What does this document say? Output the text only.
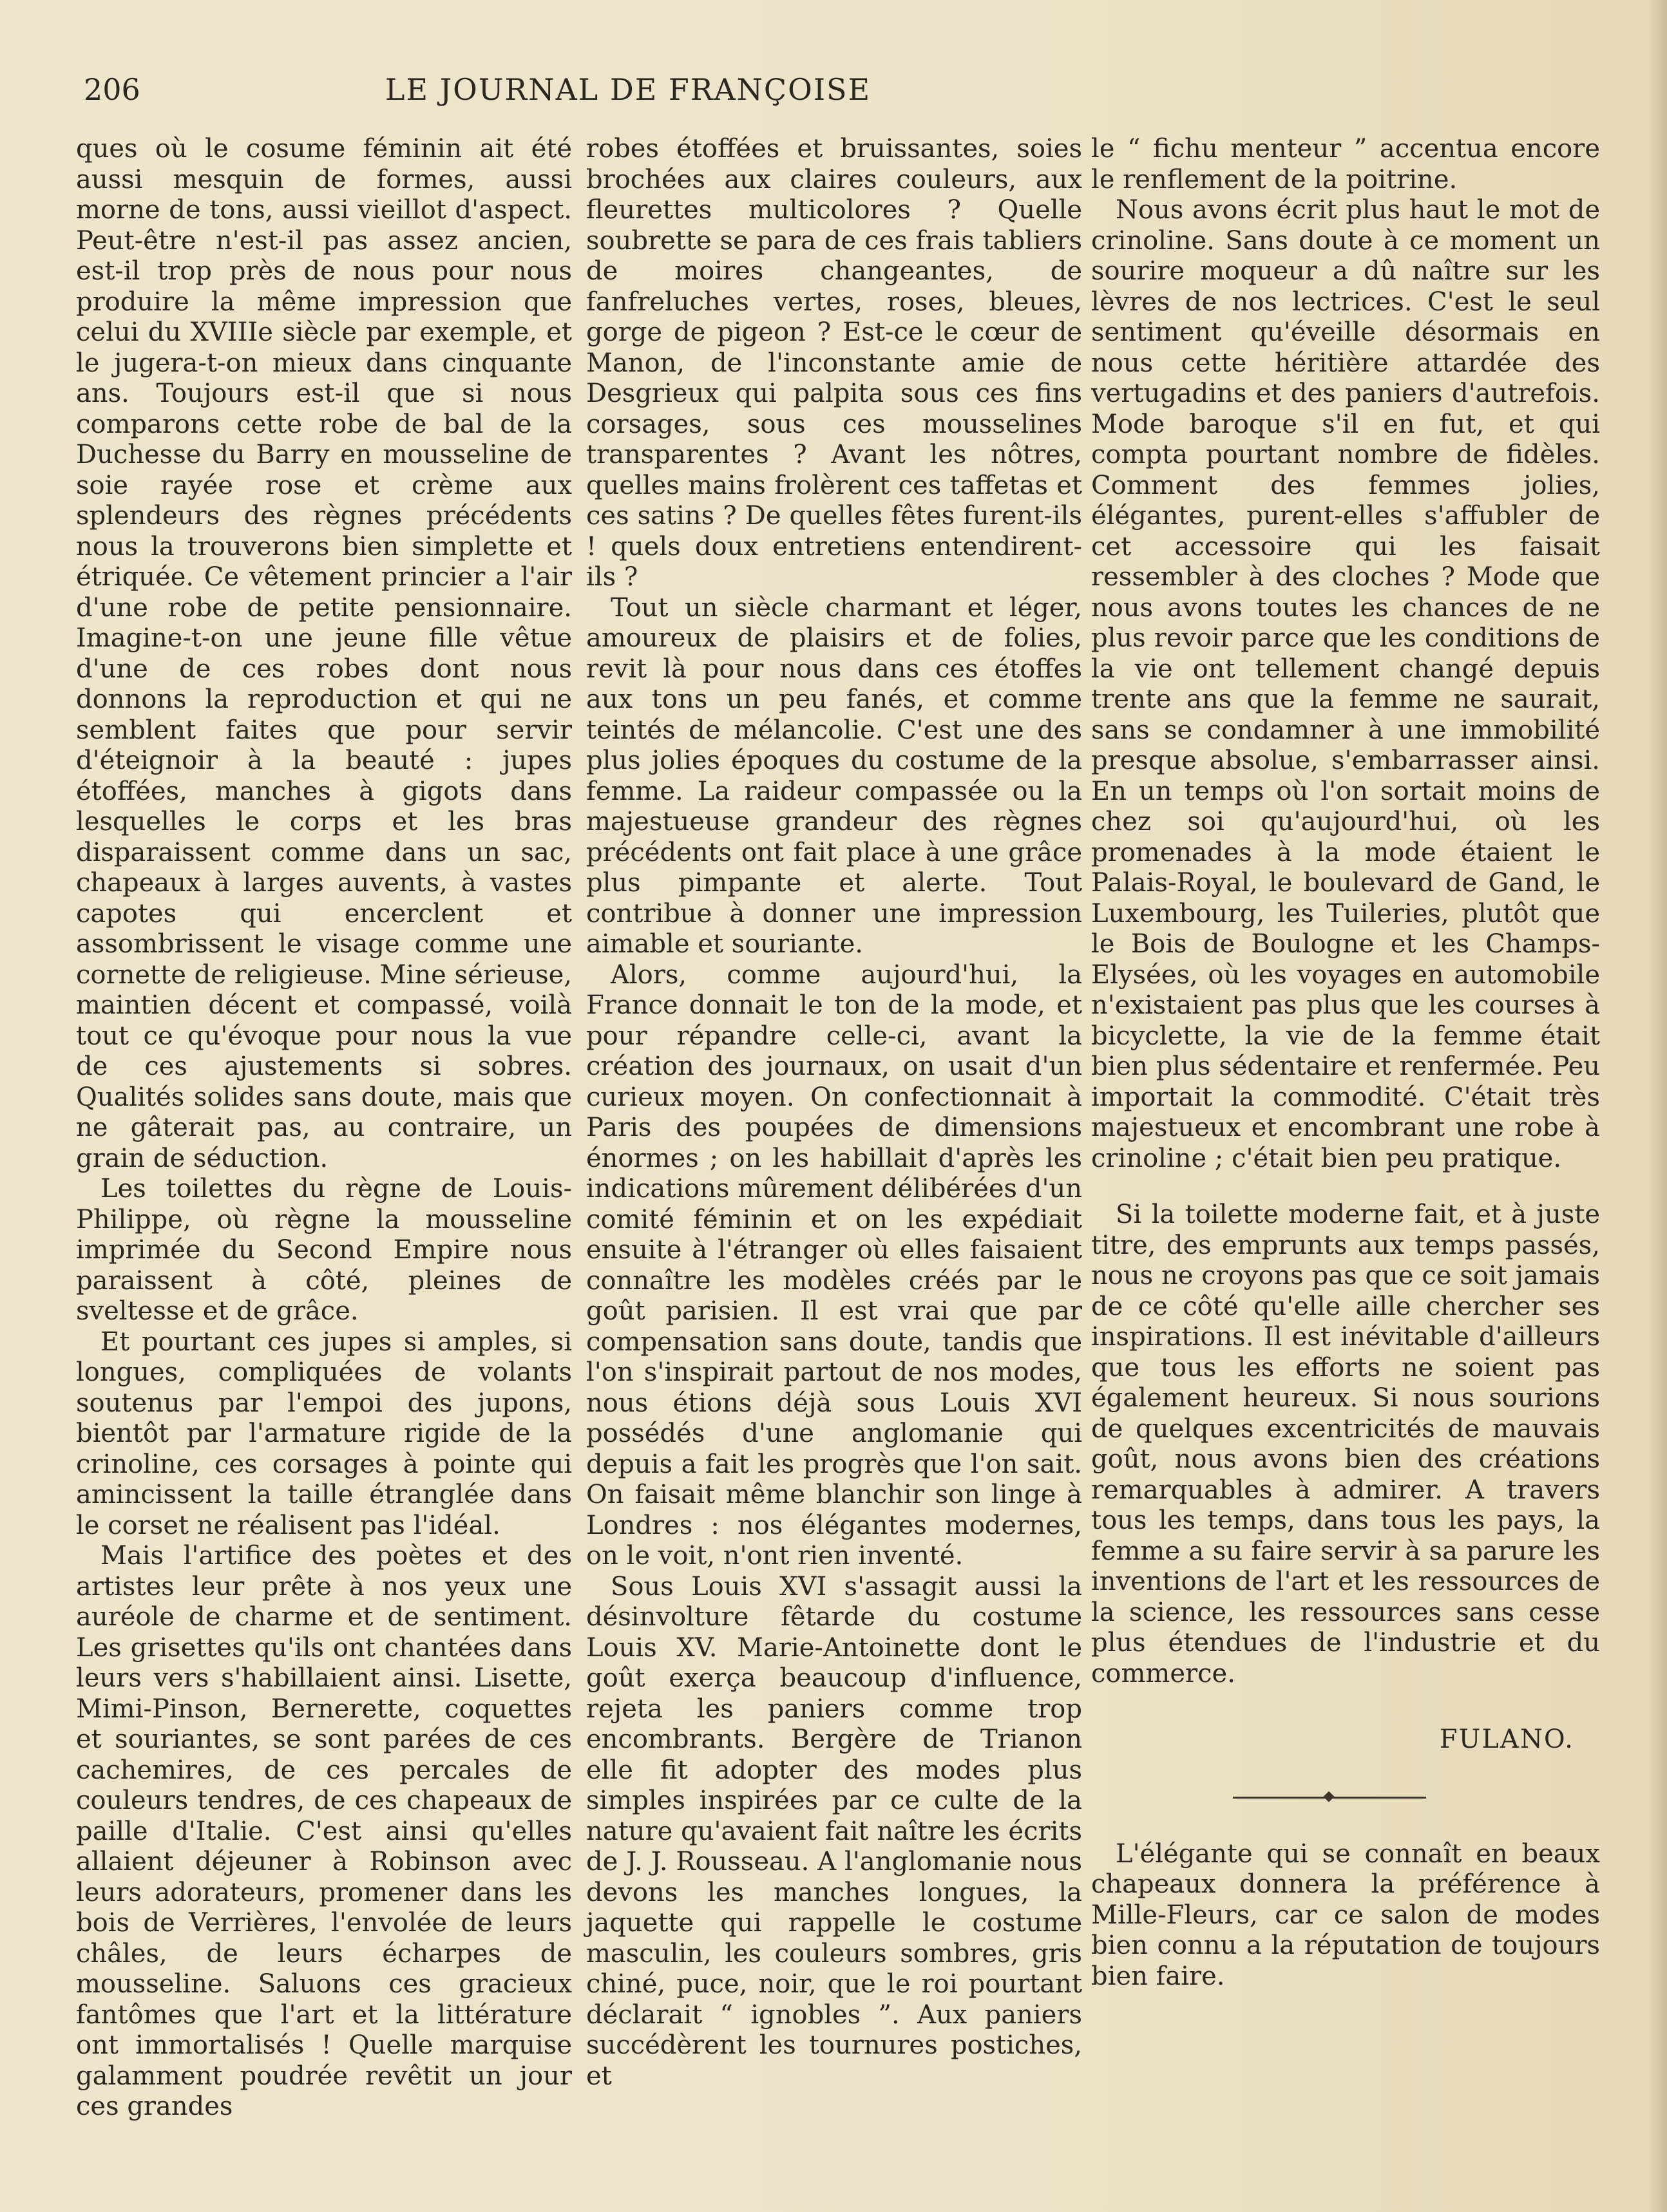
206	LE JOURNAL DE FRANÇOISE

ques où le cosume féminin ait été aussi mesquin de formes, aussi morne de tons, aussi vieillot d'aspect. Peut-être n'est-il pas assez ancien, est-il trop près de nous pour nous produire la même impression que celui du XVIIIe siècle par exemple, et le jugera-t-on mieux dans cinquante ans. Toujours est-il que si nous comparons cette robe de bal de la Duchesse du Barry en mousseline de soie rayée rose et crème aux splendeurs des règnes précédents nous la trouverons bien simplette et étriquée. Ce vêtement princier a l'air d'une robe de petite pensionnaire. Imagine-t-on une jeune fille vêtue d'une de ces robes dont nous donnons la reproduction et qui ne semblent faites que pour servir d'éteignoir à la beauté : jupes étoffées, manches à gigots dans lesquelles le corps et les bras disparaissent comme dans un sac, chapeaux à larges auvents, à vastes capotes qui encerclent et assombrissent le visage comme une cornette de religieuse. Mine sérieuse, maintien décent et compassé, voilà tout ce qu'évoque pour nous la vue de ces ajustements si sobres. Qualités solides sans doute, mais que ne gâterait pas, au contraire, un grain de séduction.

Les toilettes du règne de Louis-Philippe, où règne la mousseline imprimée du Second Empire nous paraissent à côté, pleines de sveltesse et de grâce.

Et pourtant ces jupes si amples, si longues, compliquées de volants soutenus par l'empoi des jupons, bientôt par l'armature rigide de la crinoline, ces corsages à pointe qui amincissent la taille étranglée dans le corset ne réalisent pas l'idéal.

Mais l'artifice des poètes et des artistes leur prête à nos yeux une auréole de charme et de sentiment. Les grisettes qu'ils ont chantées dans leurs vers s'habillaient ainsi. Lisette, Mimi-Pinson, Bernerette, coquettes et souriantes, se sont parées de ces cachemires, de ces percales de couleurs tendres, de ces chapeaux de paille d'Italie. C'est ainsi qu'elles allaient déjeuner à Robinson avec leurs adorateurs, promener dans les bois de Verrières, l'envolée de leurs châles, de leurs écharpes de mousseline. Saluons ces gracieux fantômes que l'art et la littérature ont immortalisés ! Quelle marquise galamment poudrée revêtit un jour ces grandes

robes étoffées et bruissantes, soies brochées aux claires couleurs, aux fleurettes multicolores ? Quelle soubrette se para de ces frais tabliers de moires changeantes, de fanfreluches vertes, roses, bleues, gorge de pigeon ? Est-ce le cœur de Manon, de l'inconstante amie de Desgrieux qui palpita sous ces fins corsages, sous ces mousselines transparentes ? Avant les nôtres, quelles mains frolèrent ces taffetas et ces satins ? De quelles fêtes furent-ils ! quels doux entretiens entendirent-ils ?

Tout un siècle charmant et léger, amoureux de plaisirs et de folies, revit là pour nous dans ces étoffes aux tons un peu fanés, et comme teintés de mélancolie. C'est une des plus jolies époques du costume de la femme. La raideur compassée ou la majestueuse grandeur des règnes précédents ont fait place à une grâce plus pimpante et alerte. Tout contribue à donner une impression aimable et souriante.

Alors, comme aujourd'hui, la France donnait le ton de la mode, et pour répandre celle-ci, avant la création des journaux, on usait d'un curieux moyen. On confectionnait à Paris des poupées de dimensions énormes ; on les habillait d'après les indications mûrement délibérées d'un comité féminin et on les expédiait ensuite à l'étranger où elles faisaient connaître les modèles créés par le goût parisien. Il est vrai que par compensation sans doute, tandis que l'on s'inspirait partout de nos modes, nous étions déjà sous Louis XVI possédés d'une anglomanie qui depuis a fait les progrès que l'on sait. On faisait même blanchir son linge à Londres : nos élégantes modernes, on le voit, n'ont rien inventé.

Sous Louis XVI s'assagit aussi la désinvolture fêtarde du costume Louis XV. Marie-Antoinette dont le goût exerça beaucoup d'influence, rejeta les paniers comme trop encombrants. Bergère de Trianon elle fit adopter des modes plus simples inspirées par ce culte de la nature qu'avaient fait naître les écrits de J. J. Rousseau. A l'anglomanie nous devons les manches longues, la jaquette qui rappelle le costume masculin, les couleurs sombres, gris chiné, puce, noir, que le roi pourtant déclarait “ ignobles ”. Aux paniers succédèrent les tournures postiches, et

le “ fichu menteur ” accentua encore le renflement de la poitrine.

Nous avons écrit plus haut le mot de crinoline. Sans doute à ce moment un sourire moqueur a dû naître sur les lèvres de nos lectrices. C'est le seul sentiment qu'éveille désormais en nous cette héritière attardée des vertugadins et des paniers d'autrefois. Mode baroque s'il en fut, et qui compta pourtant nombre de fidèles. Comment des femmes jolies, élégantes, purent-elles s'affubler de cet accessoire qui les faisait ressembler à des cloches ? Mode que nous avons toutes les chances de ne plus revoir parce que les conditions de la vie ont tellement changé depuis trente ans que la femme ne saurait, sans se condamner à une immobilité presque absolue, s'embarrasser ainsi. En un temps où l'on sortait moins de chez soi qu'aujourd'hui, où les promenades à la mode étaient le Palais-Royal, le boulevard de Gand, le Luxembourg, les Tuileries, plutôt que le Bois de Boulogne et les Champs-Elysées, où les voyages en automobile n'existaient pas plus que les courses à bicyclette, la vie de la femme était bien plus sédentaire et renfermée. Peu importait la commodité. C'était très majestueux et encombrant une robe à crinoline ; c'était bien peu pratique.

Si la toilette moderne fait, et à juste titre, des emprunts aux temps passés, nous ne croyons pas que ce soit jamais de ce côté qu'elle aille chercher ses inspirations. Il est inévitable d'ailleurs que tous les efforts ne soient pas également heureux. Si nous sourions de quelques excentricités de mauvais goût, nous avons bien des créations remarquables à admirer. A travers tous les temps, dans tous les pays, la femme a su faire servir à sa parure les inventions de l'art et les ressources de la science, les ressources sans cesse plus étendues de l'industrie et du commerce.

FULANO.

L'élégante qui se connaît en beaux chapeaux donnera la préférence à Mille-Fleurs, car ce salon de modes bien connu a la réputation de toujours bien faire.
